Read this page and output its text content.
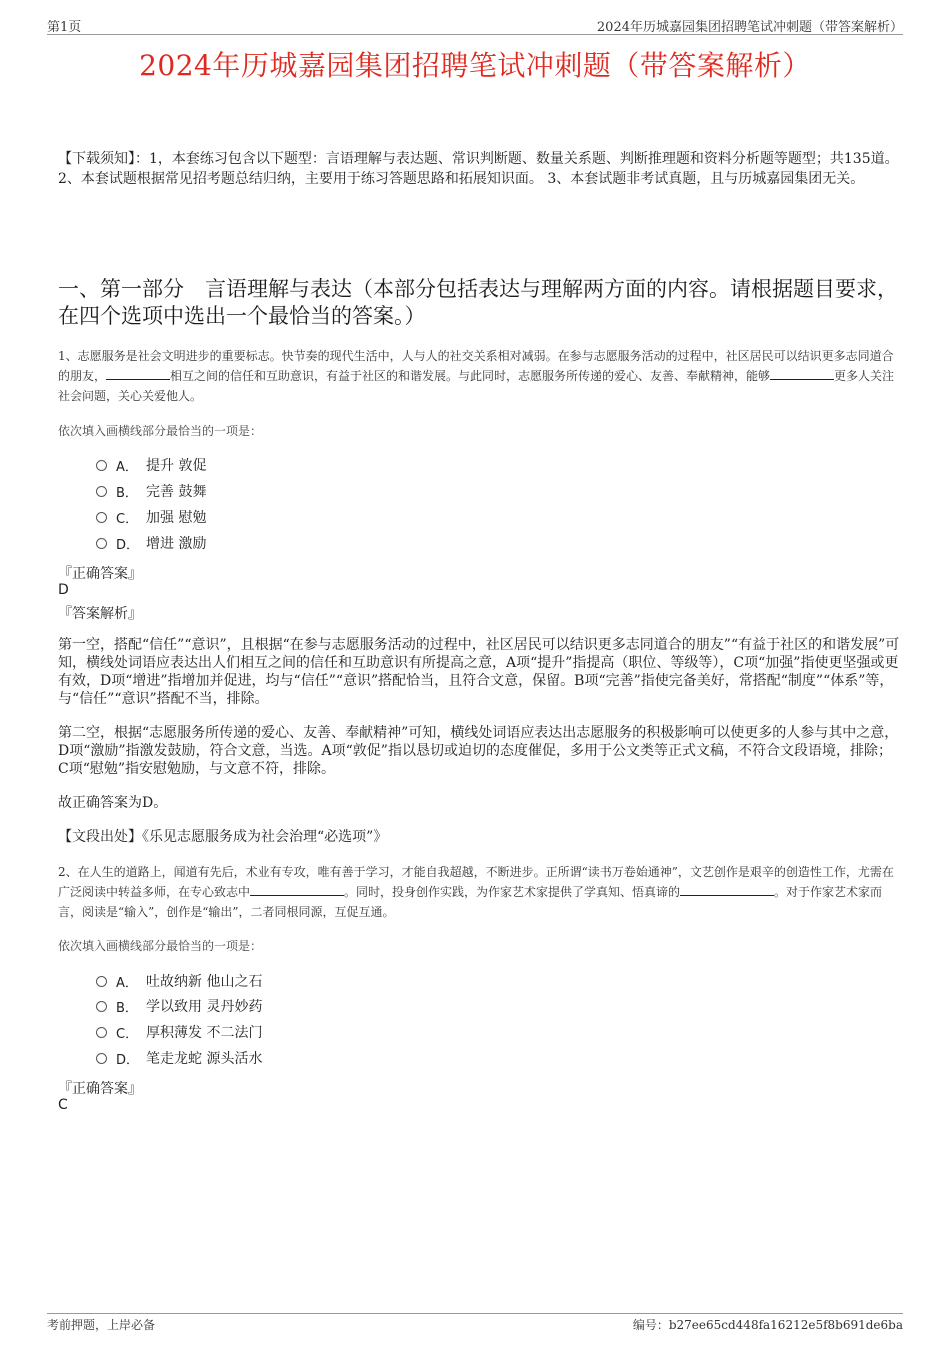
第1页	2024年历城嘉园集团招聘笔试冲刺题（带答案解析）
2024年历城嘉园集团招聘笔试冲刺题（带答案解析）
【下载须知】：1，本套练习包含以下题型：言语理解与表达题、常识判断题、数量关系题、判断推理题和资料分析题等题型；共135道。 2、本套试题根据常见招考题总结归纳，主要用于练习答题思路和拓展知识面。 3、本套试题非考试真题，且与历城嘉园集团无关。
一、第一部分　言语理解与表达（本部分包括表达与理解两方面的内容。请根据题目要求，在四个选项中选出一个最恰当的答案。）
1、志愿服务是社会文明进步的重要标志。快节奏的现代生活中，人与人的社交关系相对减弱。在参与志愿服务活动的过程中，社区居民可以结识更多志同道合的朋友，	相互之间的信任和互助意识，有益于社区的和谐发展。与此同时，志愿服务所传递的爱心、友善、奉献精神，能够	更多人关注社会问题，关心关爱他人。
依次填入画横线部分最恰当的一项是：
A． 提升 敦促
B． 完善 鼓舞
C． 加强 慰勉
D． 增进 激励
『正确答案』
D
『答案解析』
第一空，搭配“信任”“意识”，且根据“在参与志愿服务活动的过程中，社区居民可以结识更多志同道合的朋友”“有益于社区的和谐发展”可知，横线处词语应表达出人们相互之间的信任和互助意识有所提高之意，A项“提升”指提高（职位、等级等），C项“加强”指使更坚强或更有效，D项“增进”指增加并促进，均与“信任”“意识”搭配恰当，且符合文意，保留。B项“完善”指使完备美好，常搭配“制度”“体系”等，与“信任”“意识”搭配不当，排除。
第二空，根据“志愿服务所传递的爱心、友善、奉献精神”可知，横线处词语应表达出志愿服务的积极影响可以使更多的人参与其中之意，D项“激励”指激发鼓励，符合文意，当选。A项“敦促”指以恳切或迫切的态度催促，多用于公文类等正式文稿，不符合文段语境，排除；C项“慰勉”指安慰勉励，与文意不符，排除。
故正确答案为D。
【文段出处】《乐见志愿服务成为社会治理“必选项”》
2、在人生的道路上，闻道有先后，术业有专攻，唯有善于学习，才能自我超越，不断进步。正所谓“读书万卷始通神”，文艺创作是艰辛的创造性工作，尤需在广泛阅读中转益多师，在专心致志中	。同时，投身创作实践，为作家艺术家提供了学真知、悟真谛的	。对于作家艺术家而言，阅读是“输入”，创作是“输出”，二者同根同源，互促互通。
依次填入画横线部分最恰当的一项是：
A． 吐故纳新 他山之石
B． 学以致用 灵丹妙药
C． 厚积薄发 不二法门
D． 笔走龙蛇 源头活水
『正确答案』
C
考前押题，上岸必备	编号：b27ee65cd448fa16212e5f8b691de6ba
